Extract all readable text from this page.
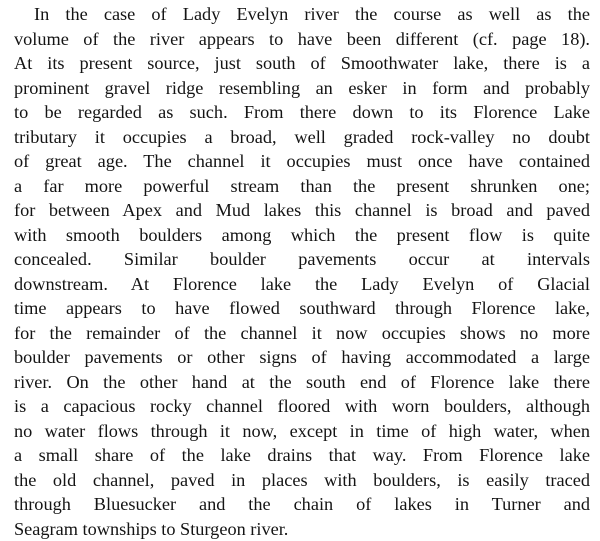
In the case of Lady Evelyn river the course as well as the
volume of the river appears to have been different (cf. page 18).
At its present source, just south of Smoothwater lake, there is a
prominent gravel ridge resembling an esker in form and probably
to be regarded as such. From there down to its Florence Lake
tributary it occupies a broad, well graded rock-valley no doubt
of great age. The channel it occupies must once have contained
a far more powerful stream than the present shrunken one;
for between Apex and Mud lakes this channel is broad and paved
with smooth boulders among which the present flow is quite
concealed. Similar boulder pavements occur at intervals
downstream. At Florence lake the Lady Evelyn of Glacial
time appears to have flowed southward through Florence lake,
for the remainder of the channel it now occupies shows no more
boulder pavements or other signs of having accommodated a large
river. On the other hand at the south end of Florence lake there
is a capacious rocky channel floored with worn boulders, although
no water flows through it now, except in time of high water, when
a small share of the lake drains that way. From Florence lake
the old channel, paved in places with boulders, is easily traced
through Bluesucker and the chain of lakes in Turner and
Seagram townships to Sturgeon river.
